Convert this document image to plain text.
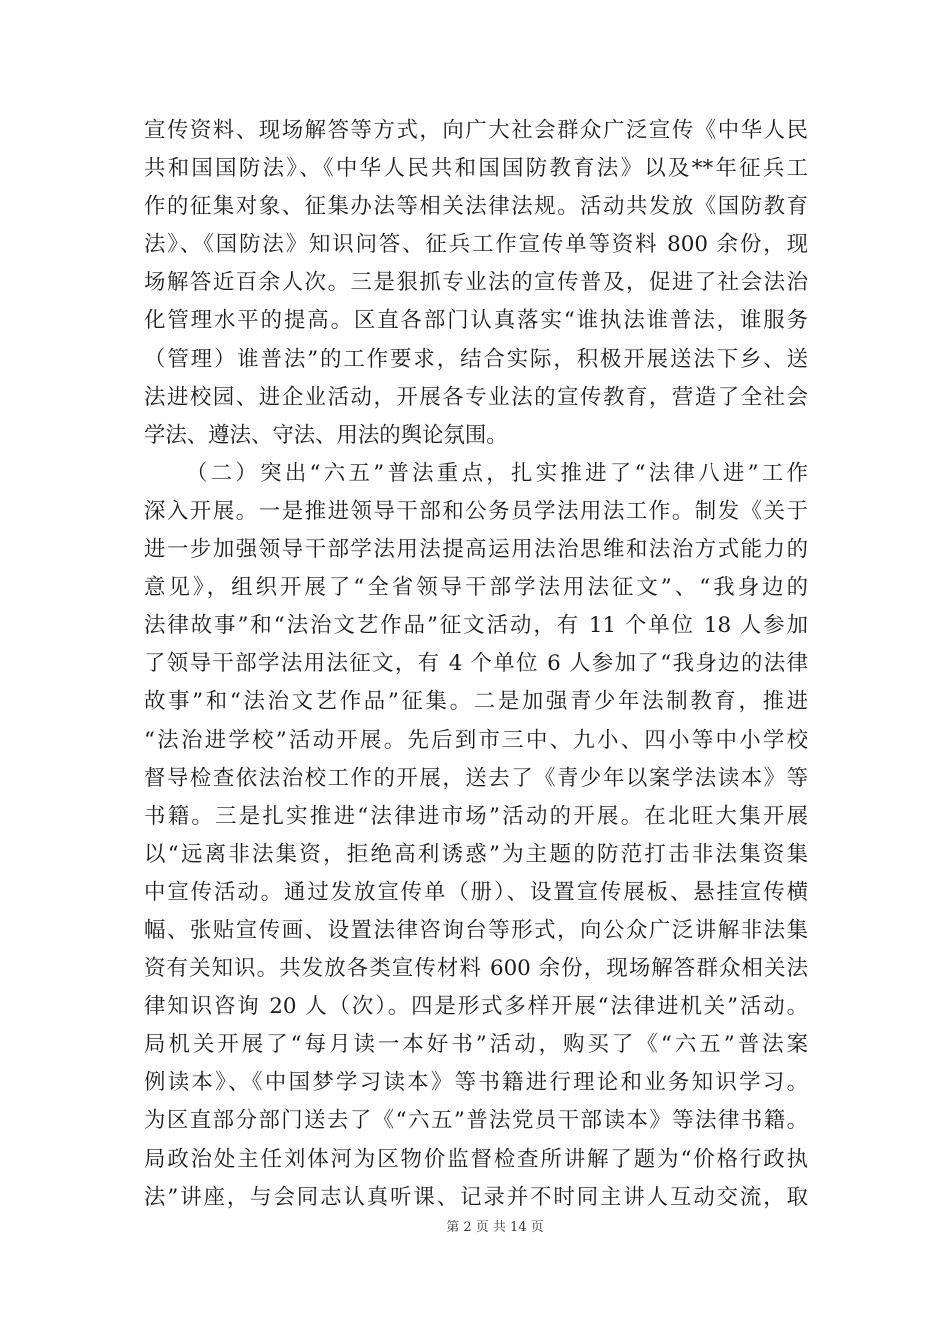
宣传资料、现场解答等方式，向广大社会群众广泛宣传《中华人民
共和国国防法》、《中华人民共和国国防教育法》以及**年征兵工
作的征集对象、征集办法等相关法律法规。活动共发放《国防教育
法》、《国防法》知识问答、征兵工作宣传单等资料 800 余份，现
场解答近百余人次。三是狠抓专业法的宣传普及，促进了社会法治
化管理水平的提高。区直各部门认真落实“谁执法谁普法，谁服务
（管理）谁普法”的工作要求，结合实际，积极开展送法下乡、送
法进校园、进企业活动，开展各专业法的宣传教育，营造了全社会
学法、遵法、守法、用法的舆论氛围。
（二）突出“六五”普法重点，扎实推进了“法律八进”工作
深入开展。一是推进领导干部和公务员学法用法工作。制发《关于
进一步加强领导干部学法用法提高运用法治思维和法治方式能力的
意见》，组织开展了“全省领导干部学法用法征文”、“我身边的
法律故事”和“法治文艺作品”征文活动，有 11 个单位 18 人参加
了领导干部学法用法征文，有 4 个单位 6 人参加了“我身边的法律
故事”和“法治文艺作品”征集。二是加强青少年法制教育，推进
“法治进学校”活动开展。先后到市三中、九小、四小等中小学校
督导检查依法治校工作的开展，送去了《青少年以案学法读本》等
书籍。三是扎实推进“法律进市场”活动的开展。在北旺大集开展
以“远离非法集资，拒绝高利诱惑”为主题的防范打击非法集资集
中宣传活动。通过发放宣传单（册）、设置宣传展板、悬挂宣传横
幅、张贴宣传画、设置法律咨询台等形式，向公众广泛讲解非法集
资有关知识。共发放各类宣传材料 600 余份，现场解答群众相关法
律知识咨询 20 人（次）。四是形式多样开展“法律进机关”活动。
局机关开展了“每月读一本好书”活动，购买了《“六五”普法案
例读本》、《中国梦学习读本》等书籍进行理论和业务知识学习。
为区直部分部门送去了《“六五”普法党员干部读本》等法律书籍。
局政治处主任刘体河为区物价监督检查所讲解了题为“价格行政执
法”讲座，与会同志认真听课、记录并不时同主讲人互动交流，取
第 2 页 共 14 页
